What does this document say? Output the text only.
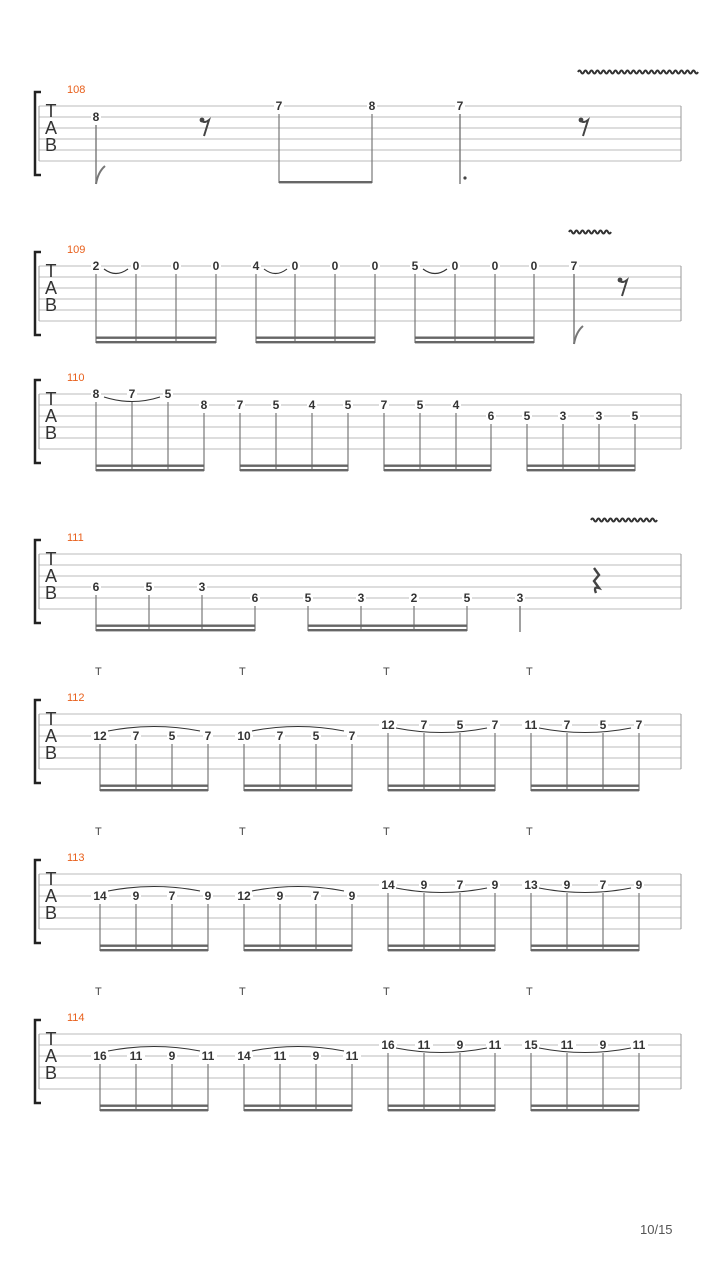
T
A
B
108
8
7	8	7
T
A
B
109
2	0	0	0	4	0	0	0	5	0	0	0	7
T
A
B
110
8 7 5
8 7 5 4 5 7 5 4
6 5 3 3 5
T
A
B
111
6	5	3
6	5	3	2	5	3
T
A
B
112
T	T	T	T
12 7 5 7 10 7 5 7
12 7 5 7 11 7 5 7
T
A
B
113
T	T	T	T
14 9 7 9 12 9 7 9
14 9 7 9 13 9 7 9
T
A
B
114
T	T	T	T
16 11 9 11 14 11 9 11
16 11 9 11 15 11 9 11
10/15
